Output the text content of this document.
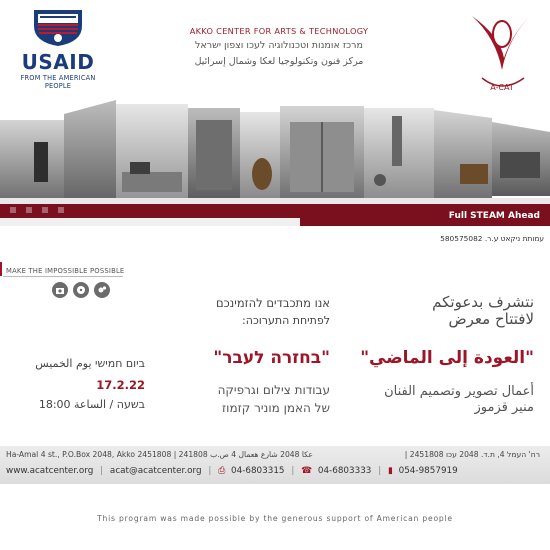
USAID
FROM THE AMERICAN PEOPLE
AKKO CENTER FOR ARTS & TECHNOLOGY
מרכז אומנות וטכנולוגיה לעכו וצפון ישראל
مركز فنون وتكنولوجيا لعكا وشمال إسرائيل
A-CAT
Full STEAM Ahead
עמותת ניקאט ע.ר. 580575082
MAKE THE IMPOSSIBLE POSSIBLE
نتشرف بدعوتكم
لافتتاح معرض
אנו מתכבדים להזמינכם
לפתיחת התערוכה:
"العودة إلى الماضي"
"בחזרה לעבר"
أعمال تصوير وتصميم الفنان
منير قزموز
עבודות צילום וגרפיקה
של האמן מוניר קזמוז
ביום חמישי يوم الخميس
17.2.22
בשעה / الساعة 18:00
Ha-Amal 4 st., P.O.Box 2048, Akko 2451808 | 241808 عكا 2048 شارع هعمال 4 ص.ب	רח' העמל 4, ת.ד. 2048 עכו 2451808 |
www.acatcenter.org | acat@acatcenter.org | ⎙ 04-6803315 | ☎ 04-6803333 | ▮ 054-9857919
This program was made possible by the generous support of American people
